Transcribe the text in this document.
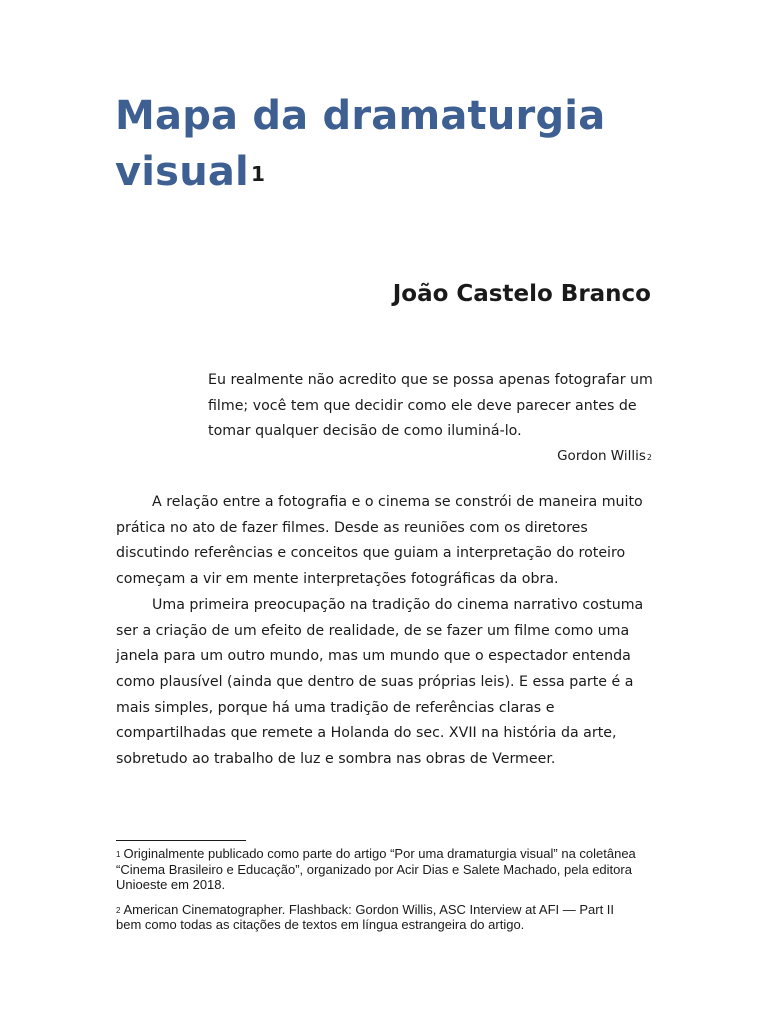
Mapa da dramaturgia visual $^1$
João Castelo Branco

Eu realmente não acredito que se possa apenas fotografar um filme; você tem que decidir como ele deve parecer antes de tomar qualquer decisão de como iluminá-lo.

Gordon Willis$^2$

A relação entre a fotografia e o cinema se constrói de maneira muito prática no ato de fazer filmes. Desde as reuniões com os diretores discutindo referências e conceitos que guiam a interpretação do roteiro começam a vir em mente interpretações fotográficas da obra.

Uma primeira preocupação na tradição do cinema narrativo costuma ser a criação de um efeito de realidade, de se fazer um filme como uma janela para um outro mundo, mas um mundo que o espectador entenda como plausível (ainda que dentro de suas próprias leis). E essa parte é a mais simples, porque há uma tradição de referências claras e compartilhadas que remete a Holanda do sec. XVII na história da arte, sobretudo ao trabalho de luz e sombra nas obras de Vermeer.

$^1$ Originalmente publicado como parte do artigo “Por uma dramaturgia visual” na coletânea “Cinema Brasileiro e Educação”, organizado por Acir Dias e Salete Machado, pela editora Unioeste em 2018.

$^2$ American Cinematographer. Flashback: Gordon Willis, ASC Interview at AFI — Part II bem como todas as citações de textos em língua estrangeira do artigo.
